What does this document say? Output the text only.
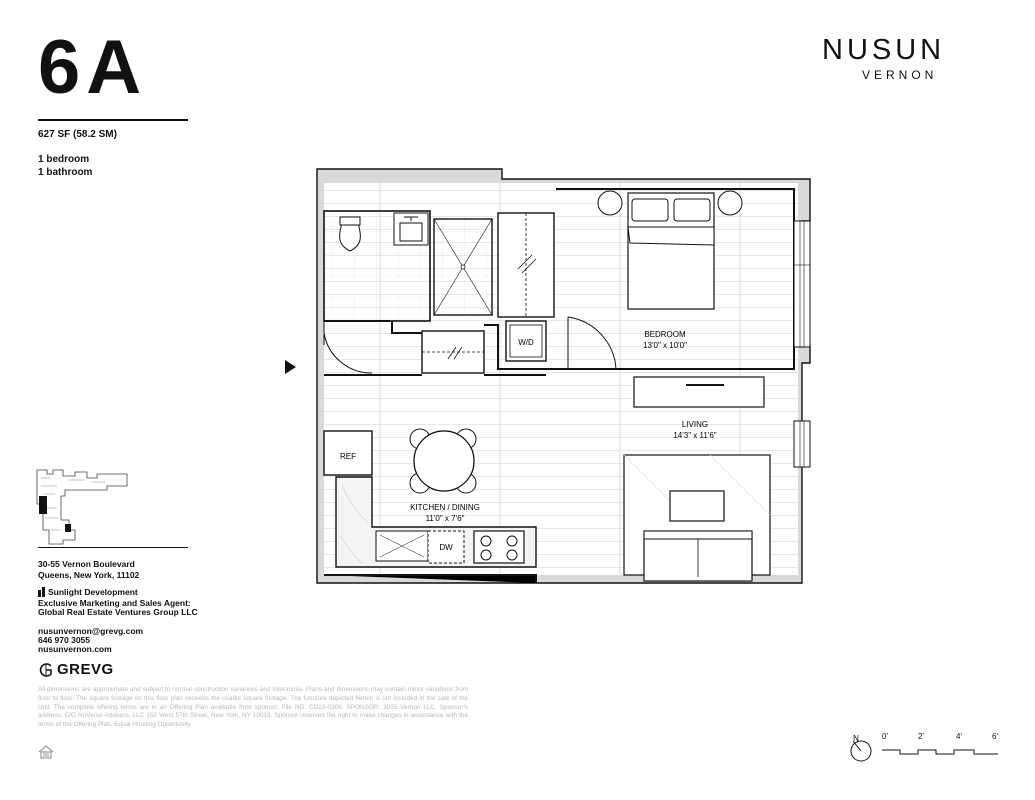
6A
627 SF (58.2 SM)
1 bedroom
1 bathroom
NUSUN
VERNON
30-55 Vernon Boulevard
Queens, New York, 11102
Sunlight Development
Exclusive Marketing and Sales Agent:
Global Real Estate Ventures Group LLC
nusunvernon@grevg.com
646 970 3055
nusunvernon.com
GREVG
All dimensions are approximate and subject to normal construction variances and tolerances. Plans and dimensions may contain minor variations from floor to floor. The square footage on this floor plan exceeds the usable square footage. The furniture depicted herein is not included in the sale of the Unit. The complete offering terms are in an Offering Plan available from sponsor. File NO. CD23-0306. SPONSOR: 3055 Vernon LLC. Sponsor's address: C/O NuVerse Advisors, LLC 152 West 57th Street, New York, NY 10019. Sponsor reserves the right to make changes in accordance with the terms of the Offering Plan. Equal Housing Opportunity.
BEDROOM
13'0" x 10'0"
LIVING
14'3" x 11'6"
KITCHEN / DINING
11'0" x 7'6"
REF
W/D
DW
N	0'	2'	4'	6'
